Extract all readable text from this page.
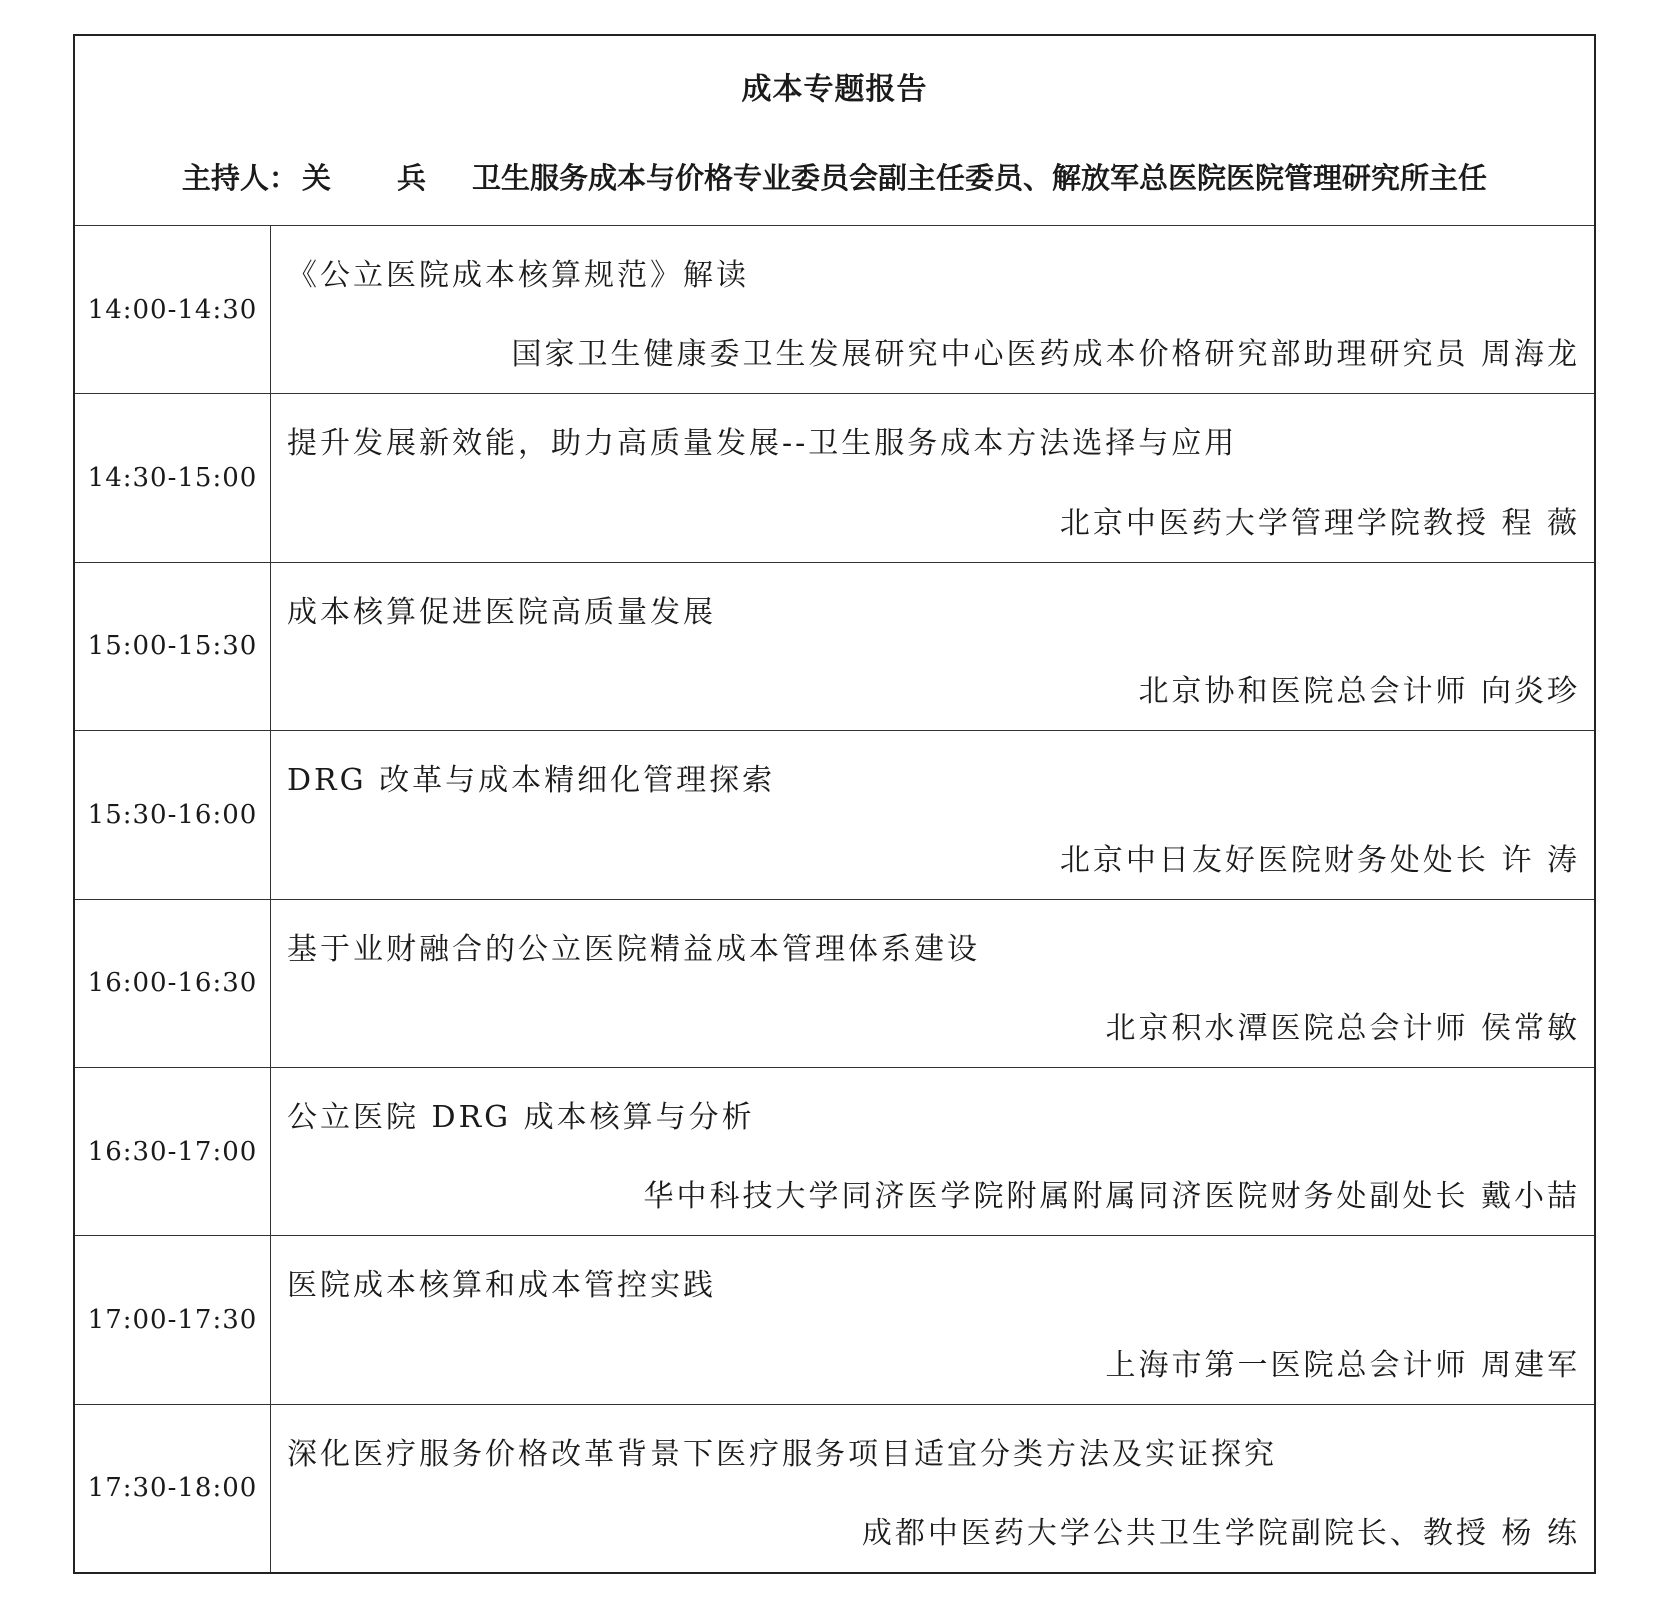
成本专题报告
主持人： 关 兵 卫生服务成本与价格专业委员会副主任委员、解放军总医院医院管理研究所主任
14:00-14:30
《公立医院成本核算规范》解读
国家卫生健康委卫生发展研究中心医药成本价格研究部助理研究员 周海龙
14:30-15:00
提升发展新效能，助力高质量发展--卫生服务成本方法选择与应用
北京中医药大学管理学院教授 程 薇
15:00-15:30
成本核算促进医院高质量发展
北京协和医院总会计师 向炎珍
15:30-16:00
DRG 改革与成本精细化管理探索
北京中日友好医院财务处处长 许 涛
16:00-16:30
基于业财融合的公立医院精益成本管理体系建设
北京积水潭医院总会计师 侯常敏
16:30-17:00
公立医院 DRG 成本核算与分析
华中科技大学同济医学院附属附属同济医院财务处副处长 戴小喆
17:00-17:30
医院成本核算和成本管控实践
上海市第一医院总会计师 周建军
17:30-18:00
深化医疗服务价格改革背景下医疗服务项目适宜分类方法及实证探究
成都中医药大学公共卫生学院副院长、教授 杨 练
